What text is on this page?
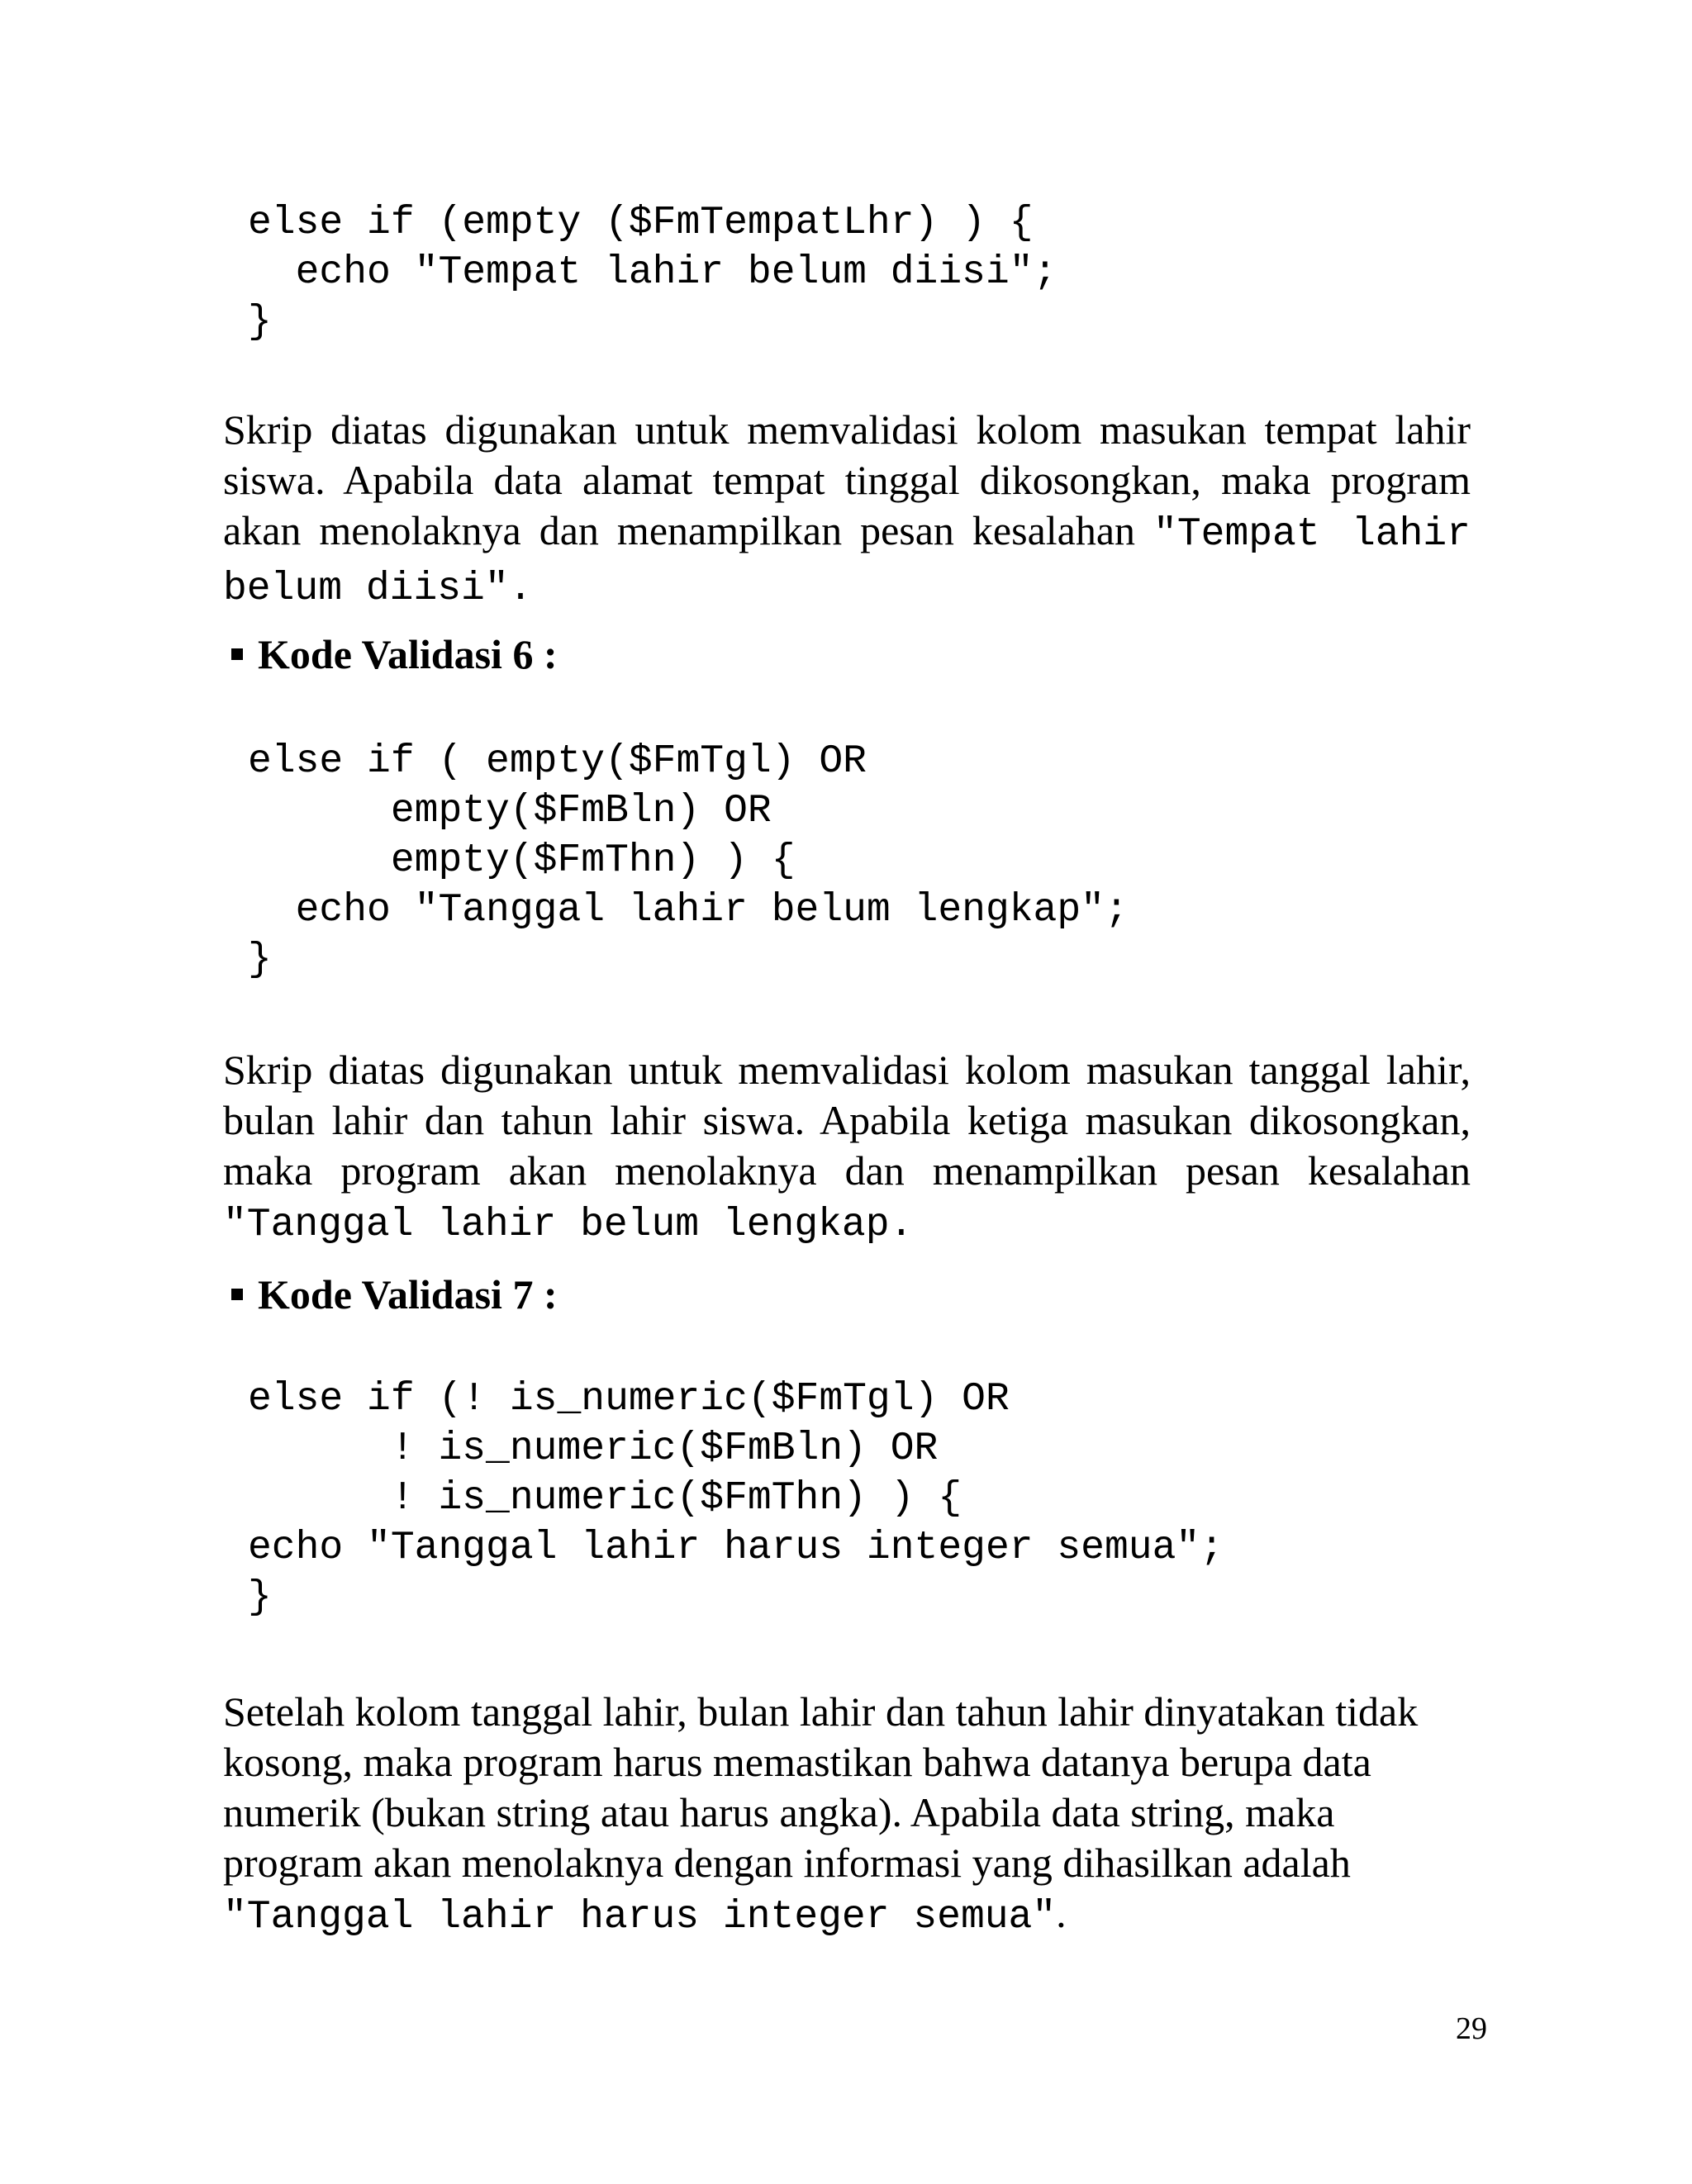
else if (empty ($FmTempatLhr) ) {
echo "Tempat lahir belum diisi";
}

Skrip diatas digunakan untuk memvalidasi kolom masukan tempat lahir siswa. Apabila data alamat tempat tinggal dikosongkan, maka program akan menolaknya dan menampilkan pesan kesalahan "Tempat lahir belum diisi".

Kode Validasi 6 :
else if ( empty($FmTgl) OR
empty($FmBln) OR
empty($FmThn) ) {
echo "Tanggal lahir belum lengkap";
}

Skrip diatas digunakan untuk memvalidasi kolom masukan tanggal lahir, bulan lahir dan tahun lahir siswa. Apabila ketiga masukan dikosongkan, maka program akan menolaknya dan menampilkan pesan kesalahan "Tanggal lahir belum lengkap.

Kode Validasi 7 :
else if (! is_numeric($FmTgl) OR
! is_numeric($FmBln) OR
! is_numeric($FmThn) ) {
echo "Tanggal lahir harus integer semua";
}

Setelah kolom tanggal lahir, bulan lahir dan tahun lahir dinyatakan tidak kosong, maka program harus memastikan bahwa datanya berupa data numerik (bukan string atau harus angka). Apabila data string, maka program akan menolaknya dengan informasi yang dihasilkan adalah "Tanggal lahir harus integer semua".

29
